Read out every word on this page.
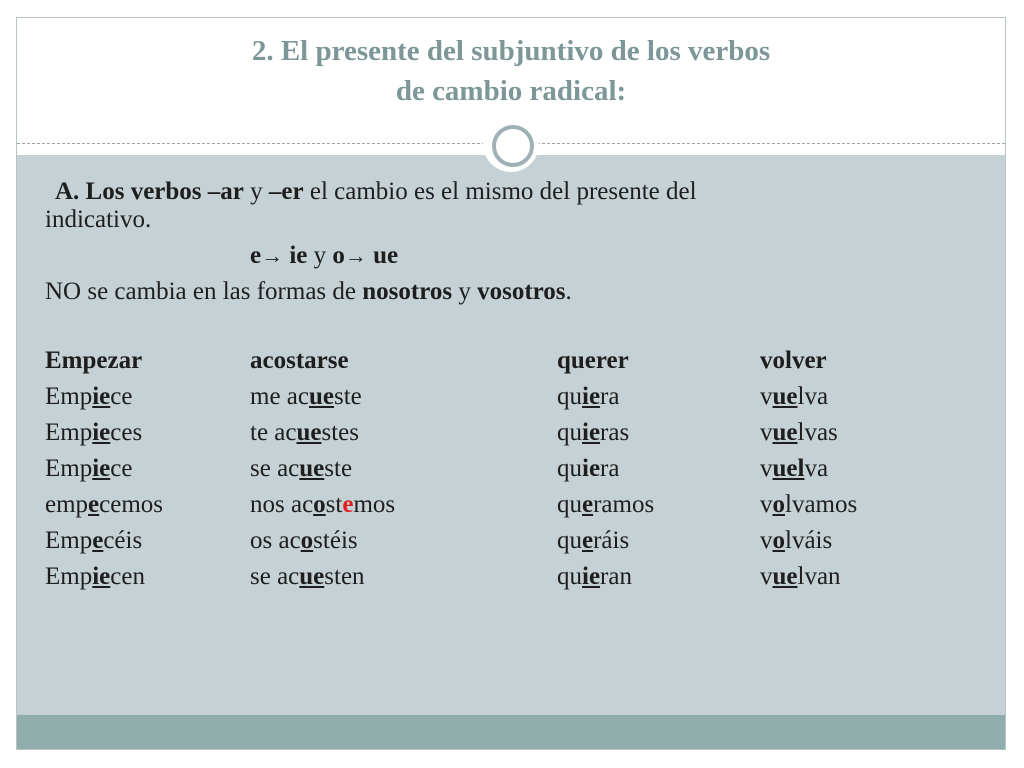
2. El presente del subjuntivo de los verbos
de cambio radical:
A. Los verbos –ar y –er el cambio es el mismo del presente del
indicativo.
e→ ie y o→ ue
NO se cambia en las formas de nosotros y vosotros.
Empezar	acostarse	querer	volver
Empiece	me acueste	quiera	vuelva
Empieces	te acuestes	quieras	vuelvas
Empiece	se acueste	quiera	vuelva
empecemos	nos acostemos	queramos	volvamos
Empecéis	os acostéis	queráis	volváis
Empiecen	se acuesten	quieran	vuelvan
